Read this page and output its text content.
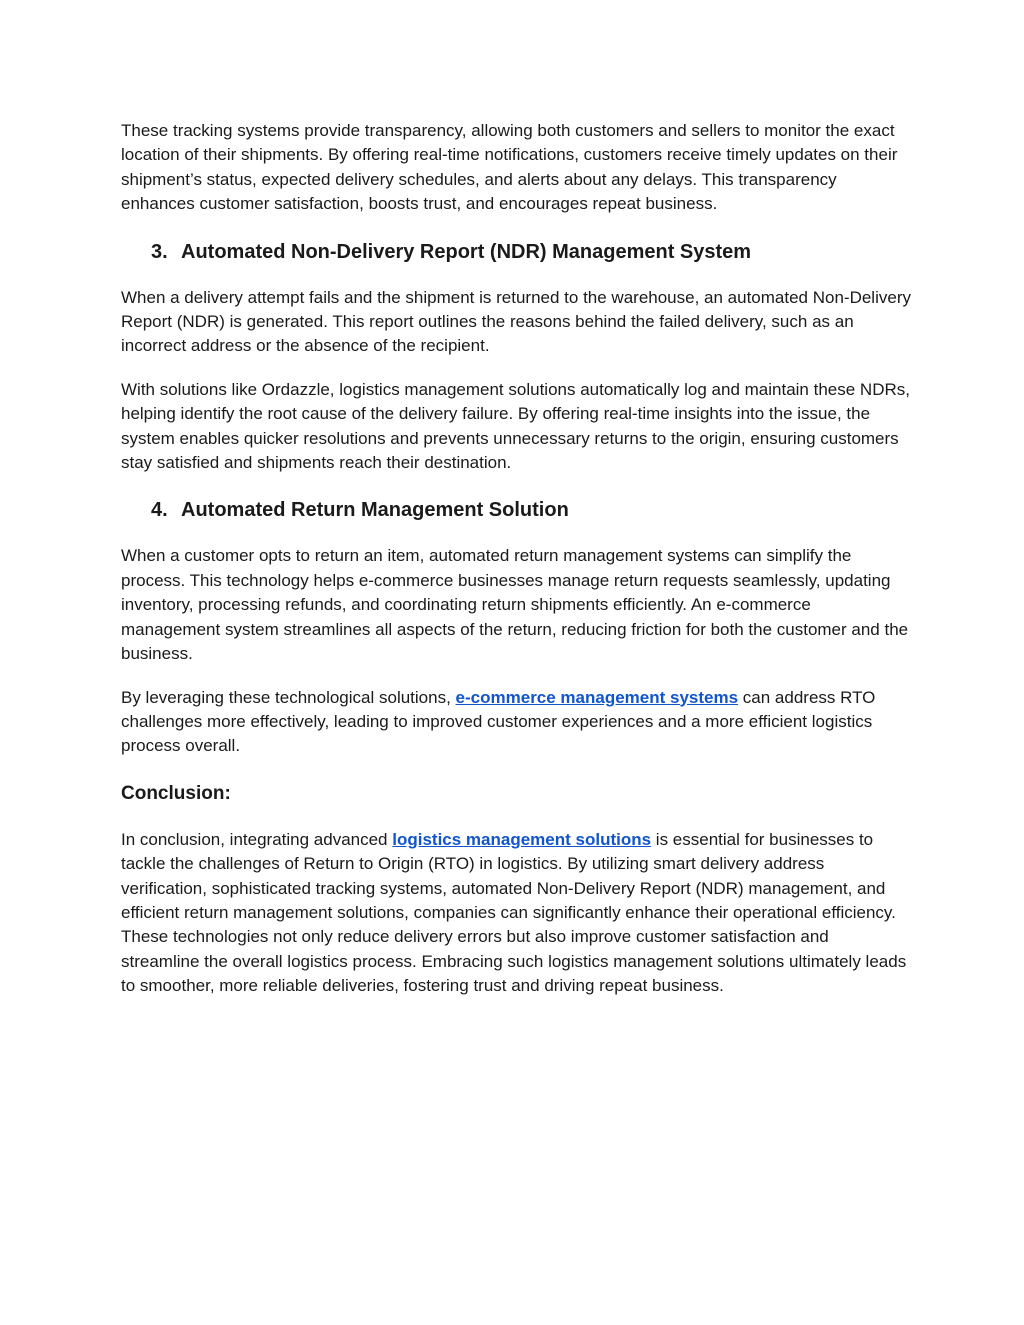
These tracking systems provide transparency, allowing both customers and sellers to monitor the exact location of their shipments. By offering real-time notifications, customers receive timely updates on their shipment’s status, expected delivery schedules, and alerts about any delays. This transparency enhances customer satisfaction, boosts trust, and encourages repeat business.

3. Automated Non-Delivery Report (NDR) Management System

When a delivery attempt fails and the shipment is returned to the warehouse, an automated Non-Delivery Report (NDR) is generated. This report outlines the reasons behind the failed delivery, such as an incorrect address or the absence of the recipient.

With solutions like Ordazzle, logistics management solutions automatically log and maintain these NDRs, helping identify the root cause of the delivery failure. By offering real-time insights into the issue, the system enables quicker resolutions and prevents unnecessary returns to the origin, ensuring customers stay satisfied and shipments reach their destination.

4. Automated Return Management Solution

When a customer opts to return an item, automated return management systems can simplify the process. This technology helps e-commerce businesses manage return requests seamlessly, updating inventory, processing refunds, and coordinating return shipments efficiently. An e-commerce management system streamlines all aspects of the return, reducing friction for both the customer and the business.

By leveraging these technological solutions, e-commerce management systems can address RTO challenges more effectively, leading to improved customer experiences and a more efficient logistics process overall.

Conclusion:

In conclusion, integrating advanced logistics management solutions is essential for businesses to tackle the challenges of Return to Origin (RTO) in logistics. By utilizing smart delivery address verification, sophisticated tracking systems, automated Non-Delivery Report (NDR) management, and efficient return management solutions, companies can significantly enhance their operational efficiency. These technologies not only reduce delivery errors but also improve customer satisfaction and streamline the overall logistics process. Embracing such logistics management solutions ultimately leads to smoother, more reliable deliveries, fostering trust and driving repeat business.
